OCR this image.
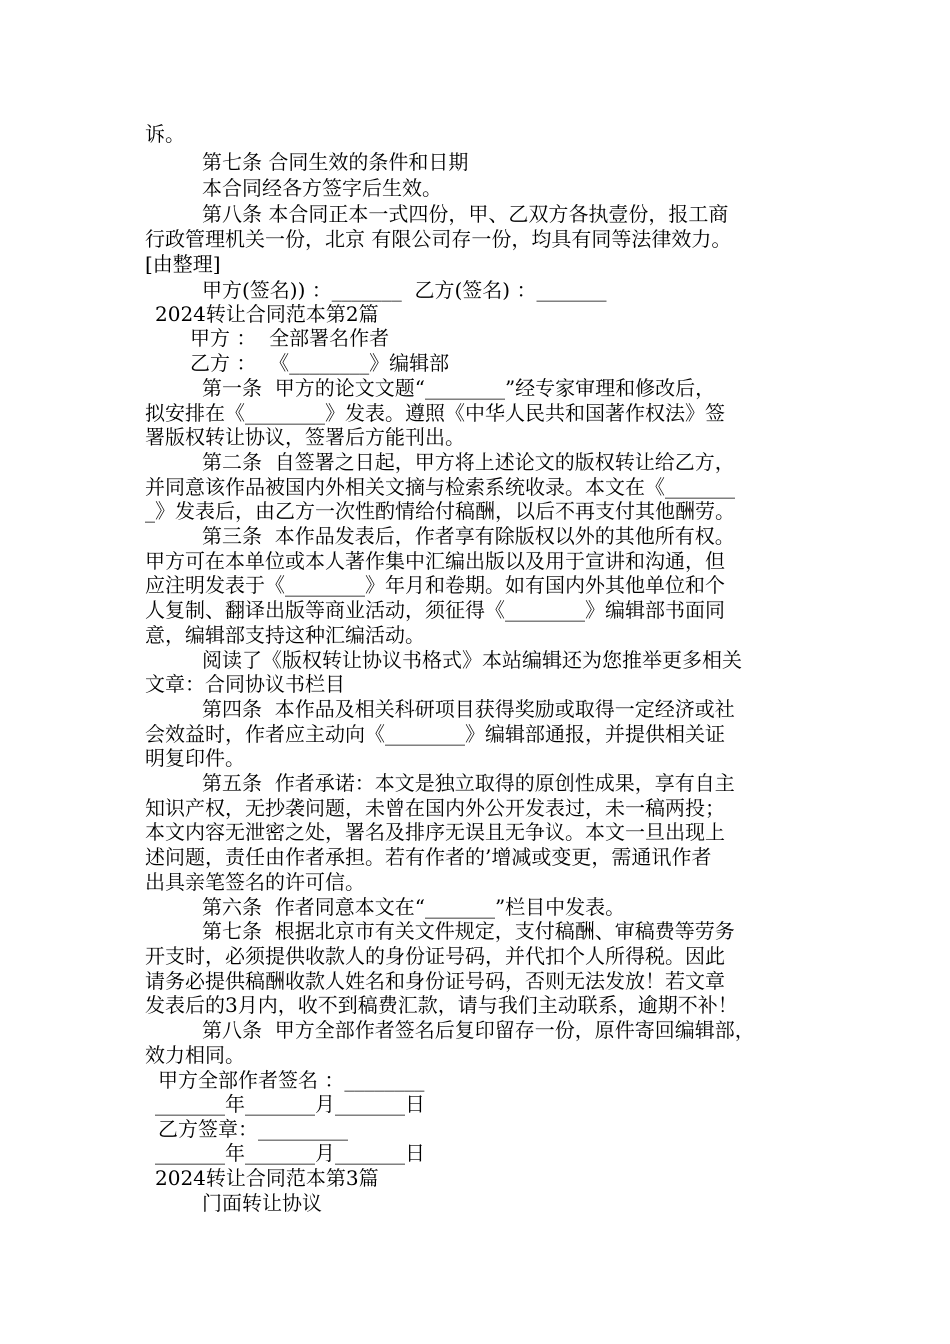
诉。
第七条 合同生效的条件和日期
本合同经各方签字后生效。
第八条 本合同正本一式四份，甲、乙双方各执壹份，报工商
行政管理机关一份，北京 有限公司存一份，均具有同等法律效力。
[由整理]
甲方(签名)) ：_______  乙方(签名) ：_______
2024转让合同范本第2篇
甲方 ：  全部署名作者
乙方 ：  《________》编辑部
第一条  甲方的论文文题“________”经专家审理和修改后，
拟安排在《________》发表。遵照《中华人民共和国著作权法》签
署版权转让协议，签署后方能刊出。
第二条  自签署之日起，甲方将上述论文的版权转让给乙方，
并同意该作品被国内外相关文摘与检索系统收录。本文在《_______
_》发表后，由乙方一次性酌情给付稿酬，以后不再支付其他酬劳。
第三条  本作品发表后，作者享有除版权以外的其他所有权。
甲方可在本单位或本人著作集中汇编出版以及用于宣讲和沟通，但
应注明发表于《________》年月和卷期。如有国内外其他单位和个
人复制、翻译出版等商业活动，须征得《________》编辑部书面同
意，编辑部支持这种汇编活动。
阅读了《版权转让协议书格式》本站编辑还为您推举更多相关
文章：合同协议书栏目
第四条  本作品及相关科研项目获得奖励或取得一定经济或社
会效益时，作者应主动向《________》编辑部通报，并提供相关证
明复印件。
第五条  作者承诺：本文是独立取得的原创性成果，享有自主
知识产权，无抄袭问题，未曾在国内外公开发表过，未一稿两投；
本文内容无泄密之处，署名及排序无误且无争议。本文一旦出现上
述问题，责任由作者承担。若有作者的’增减或变更，需通讯作者
出具亲笔签名的许可信。
第六条  作者同意本文在“_______”栏目中发表。
第七条  根据北京市有关文件规定，支付稿酬、审稿费等劳务
开支时，必须提供收款人的身份证号码，并代扣个人所得税。因此
请务必提供稿酬收款人姓名和身份证号码，否则无法发放！若文章
发表后的3月内，收不到稿费汇款，请与我们主动联系，逾期不补！
第八条  甲方全部作者签名后复印留存一份，原件寄回编辑部，
效力相同。
甲方全部作者签名 ：________
_______年_______月_______日
乙方签章：_________
_______年_______月_______日
2024转让合同范本第3篇
门面转让协议
